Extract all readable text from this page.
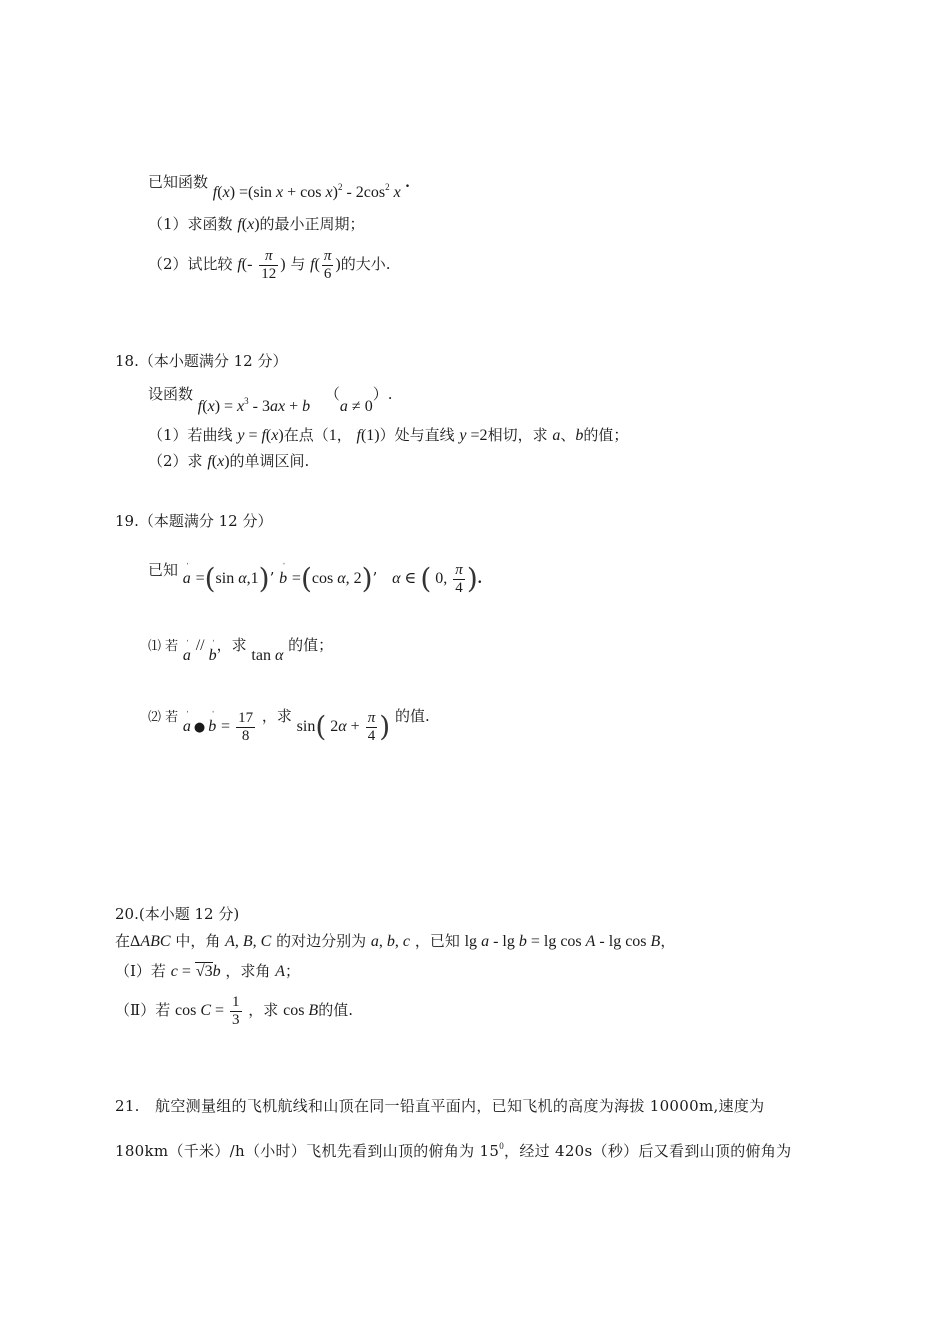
已知函数 f(x) =(sin $x + \cos x)^2 - 2\cos^2$ x .
（1）求函数 f(x)的最小正周期；
（2）试比较 $f(- \frac{\pi}{12}$ ) 与 $f( \frac{\pi}{6}$ )的大小.
18.（本小题满分 12 分）
设函数 $f(x) = x^3 - 3ax + b$ （a ≠ 0）.
（1）若曲线 y = f(x)在点（1， f(1)）处与直线 y =2相切，求 a、b的值；
（2）求 f(x)的单调区间.
19.（本题满分 12 分）
已知 ˈ
a =(sin α,1)’
ˈ
b =(cos α, 2)’ α ∈ ( 0, $\frac{\pi}{4}$ ).
⑴ 若 ˈ
a // ˈ
b，求 tan α 的值；
⑵ 若 ˈ
a ●
ˈ
$b = \frac{17}{8}$ ，求 sin( $2\alpha + \frac{\pi}{4}$ ) 的值.
20.(本小题 12 分)
在ΔABC 中，角 A, B, C 的对边分别为 a, b, c ，已知 lg a - lg b = lg cos A - lg cos B，
（Ⅰ）若 c = √3b ，求角 A；
（Ⅱ）若 $\cos C = \frac{1}{3}$ ，求 cos B的值.
21.　航空测量组的飞机航线和山顶在同一铅直平面内，已知飞机的高度为海拔 10000m,速度为
180km（千米）/h（小时）飞机先看到山顶的俯角为 $15^0$，经过 420s（秒）后又看到山顶的俯角为
